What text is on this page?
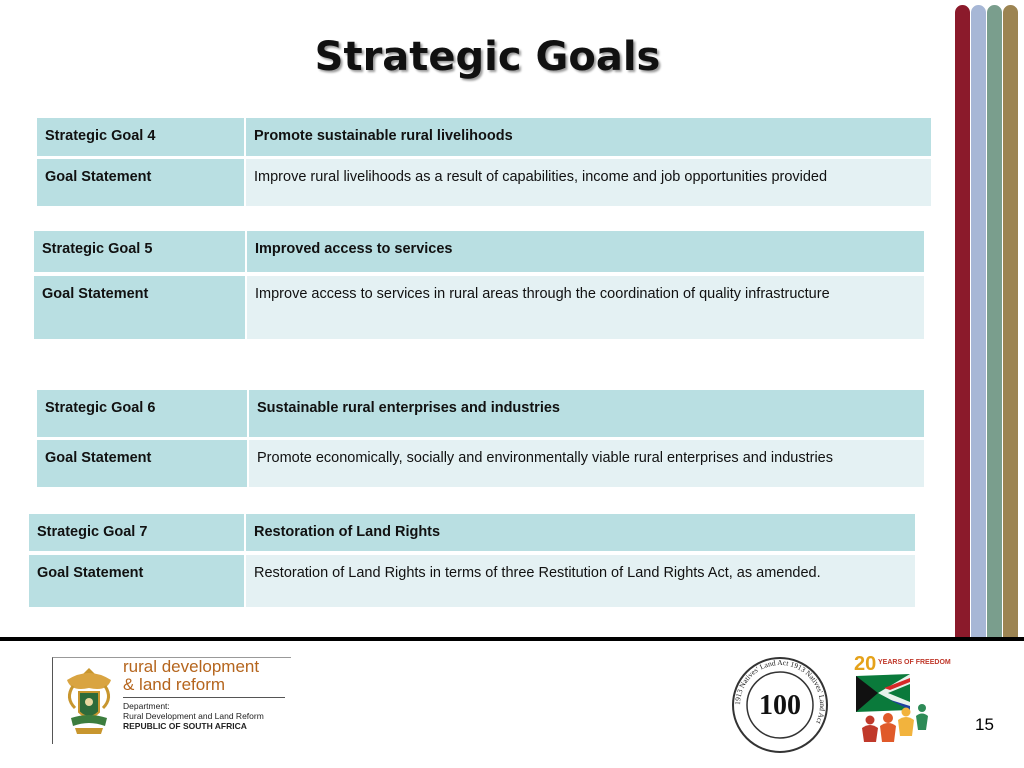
Strategic Goals
Strategic Goal 4	Promote sustainable rural livelihoods
Goal Statement	Improve rural livelihoods as a result of capabilities, income and job opportunities provided
Strategic Goal 5	Improved access to services
Goal Statement	Improve access to services in rural areas through the coordination of quality infrastructure
Strategic Goal 6	Sustainable rural enterprises and industries
Goal Statement	Promote economically, socially and environmentally viable rural enterprises and industries
Strategic Goal 7	Restoration of Land Rights
Goal Statement	Restoration of Land Rights in terms of three Restitution of Land Rights Act, as amended.
rural development
& land reform
Department:
Rural Development and Land Reform
REPUBLIC OF SOUTH AFRICA
1913 Natives' Land Act 1913 Natives' Land Act
100
20 YEARS OF FREEDOM
15
